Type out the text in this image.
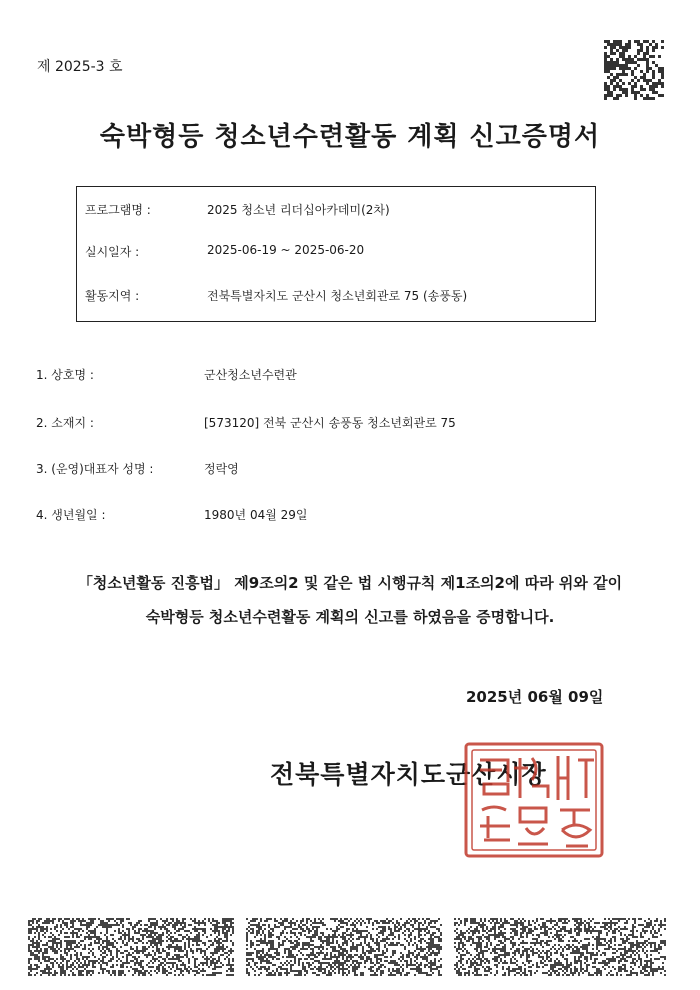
제 2025-3 호
숙박형등 청소년수련활동 계획 신고증명서
프로그램명 :	2025 청소년 리더십아카데미(2차)
실시일자 :	2025-06-19 ~ 2025-06-20
활동지역 :	전북특별자치도 군산시 청소년회관로 75 (송풍동)
1. 상호명 :	군산청소년수련관
2. 소재지 :	[573120] 전북 군산시 송풍동 청소년회관로 75
3. (운영)대표자 성명 :	정락영
4. 생년월일 :	1980년 04월 29일
「청소년활동 진흥법」 제9조의2 및 같은 법 시행규칙 제1조의2에 따라 위와 같이
숙박형등 청소년수련활동 계획의 신고를 하였음을 증명합니다.
2025년 06월 09일
전북특별자치도군산시장
